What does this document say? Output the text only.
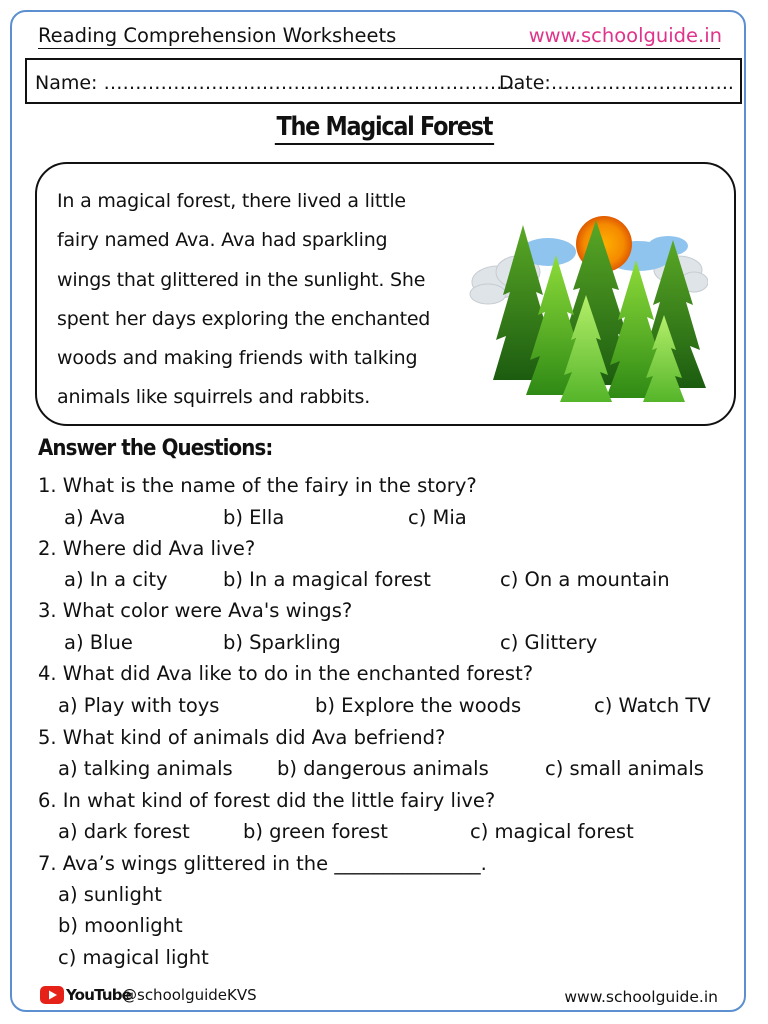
Reading Comprehension Worksheets	www.schoolguide.in
Name: ………………………………………………………..
Date:………………………..
The Magical Forest
In a magical forest, there lived a little
fairy named Ava. Ava had sparkling
wings that glittered in the sunlight. She
spent her days exploring the enchanted
woods and making friends with talking
animals like squirrels and rabbits.
Answer the Questions:
1. What is the name of the fairy in the story?
a) Ava	b) Ella	c) Mia
2. Where did Ava live?
a) In a city	b) In a magical forest	c) On a mountain
3. What color were Ava's wings?
a) Blue	b) Sparkling	c) Glittery
4. What did Ava like to do in the enchanted forest?
a) Play with toys	b) Explore the woods	c) Watch TV
5. What kind of animals did Ava befriend?
a) talking animals b) dangerous animals	c) small animals
6. In what kind of forest did the little fairy live?
a) dark forest	b) green forest	c) magical forest
7. Ava’s wings glittered in the _______________.
a) sunlight
b) moonlight
c) magical light
YouTube
@schoolguideKVS	www.schoolguide.in
